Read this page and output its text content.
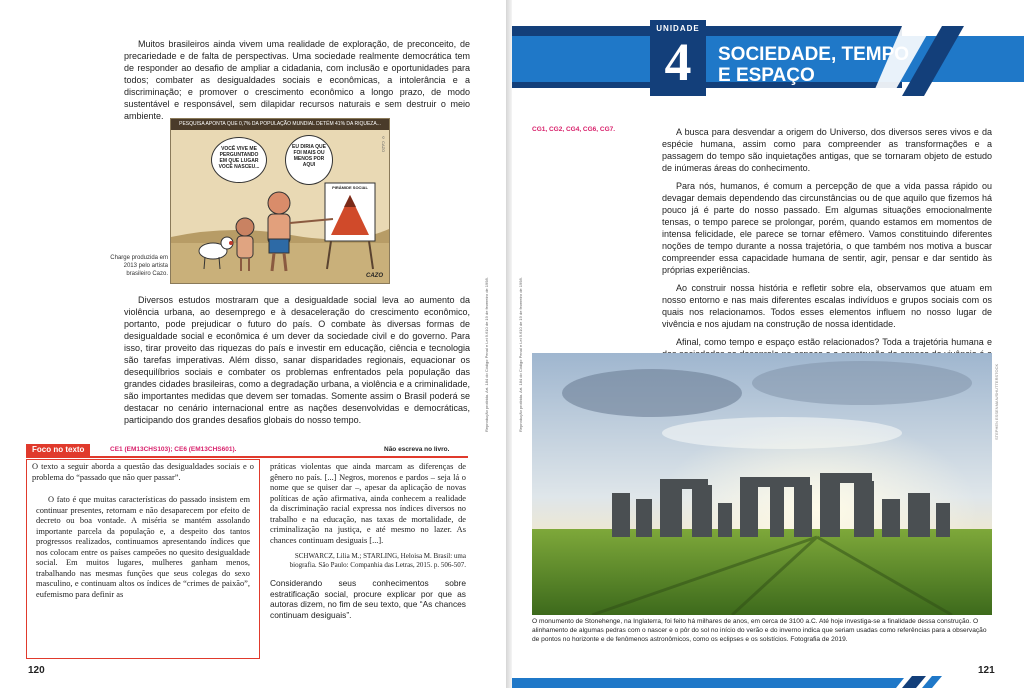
Muitos brasileiros ainda vivem uma realidade de exploração, de preconceito, de precariedade e de falta de perspectivas. Uma sociedade realmente democrática tem de responder ao desafio de ampliar a cidadania, com inclusão e oportunidades para todos; combater as desigualdades sociais e econômicas, a intolerância e a discriminação; e promover o crescimento econômico a longo prazo, de modo sustentável e responsável, sem dilapidar recursos naturais e sem destruir o meio ambiente.

Charge produzida em 2013 pelo artista brasileiro Cazo.
PESQUISA APONTA QUE 0,7% DA POPULAÇÃO MUNDIAL DETÉM 41% DA RIQUEZA...
VOCÊ VIVE ME PERGUNTANDO EM QUE LUGAR VOCÊ NASCEU...
EU DIRIA QUE FOI MAIS OU MENOS POR AQUI
PIRÂMIDE SOCIAL
CAZO
© CAZO

Diversos estudos mostraram que a desigualdade social leva ao aumento da violência urbana, ao desemprego e à desaceleração do crescimento econômico, portanto, pode prejudicar o futuro do país. O combate às diversas formas de desigualdade social e econômica é um dever da sociedade civil e do governo. Para isso, tirar proveito das riquezas do país e investir em educação, ciência e tecnologia são tarefas imperativas. Além disso, sanar disparidades regionais, equacionar os desequilíbrios sociais e combater os problemas enfrentados pela população das grandes cidades brasileiras, como a degradação urbana, a violência e a criminalidade, são importantes medidas que devem ser tomadas. Somente assim o Brasil poderá se destacar no cenário internacional entre as nações desenvolvidas e democráticas, participando dos grandes desafios globais do nosso tempo.

Foco no texto	CE1 (EM13CHS103); CE6 (EM13CHS601).	Não escreva no livro.

O texto a seguir aborda a questão das desigualdades sociais e o problema do “passado que não quer passar”.

O fato é que muitas características do passado insistem em continuar presentes, retornam e não desaparecem por efeito de decreto ou boa vontade. A miséria se mantém assolando importante parcela da população e, a despeito dos tantos progressos realizados, continuamos apresentando índices que nos colocam entre os países campeões no quesito desigualdade social. Em muitos lugares, mulheres ganham menos, trabalhando nas mesmas funções que seus colegas do sexo masculino, e continuam altos os índices de “crimes de paixão”, eufemismo para definir as

práticas violentas que ainda marcam as diferenças de gênero no país. [...] Negros, morenos e pardos – seja lá o nome que se quiser dar –, apesar da aplicação de novas políticas de ação afirmativa, ainda conhecem a realidade da discriminação racial expressa nos índices diversos no trabalho e na educação, nas taxas de mortalidade, de criminalização na justiça, e até mesmo no lazer. As chances continuam desiguais [...].

SCHWARCZ, Lilia M.; STARLING, Heloisa M. Brasil: uma biografia. São Paulo: Companhia das Letras, 2015. p. 506-507.

Considerando seus conhecimentos sobre estratificação social, procure explicar por que as autoras dizem, no fim de seu texto, que “As chances continuam desiguais”.

Reprodução proibida. Art. 184 do Código Penal e Lei 9.610 de 19 de fevereiro de 1998.
120
UNIDADE
4	SOCIEDADE, TEMPO
E ESPAÇO
CG1, CG2, CG4, CG6, CG7.	A busca para desvendar a origem do Universo, dos diversos seres vivos e da espécie humana, assim como para compreender as transformações e a passagem do tempo são inquietações antigas, que se tornaram objeto de estudo de inúmeras áreas do conhecimento.

Para nós, humanos, é comum a percepção de que a vida passa rápido ou devagar demais dependendo das circunstâncias ou de que aquilo que fizemos há pouco já é parte do nosso passado. Em algumas situações emocionalmente tensas, o tempo parece se prolongar, porém, quando estamos em momentos de intensa felicidade, ele parece se tornar efêmero. Vamos constituindo diferentes noções de tempo durante a nossa trajetória, o que também nos motiva a buscar compreender essa capacidade humana de sentir, agir, pensar e dar sentido às próprias experiências.

Ao construir nossa história e refletir sobre ela, observamos que atuam em nosso entorno e nas mais diferentes escalas indivíduos e grupos sociais com os quais nos relacionamos. Todos esses elementos influem no nosso lugar de vivência e nos ajudam na construção de nossa identidade.

Afinal, como tempo e espaço estão relacionados? Toda a trajetória humana e

Reprodução proibida. Art. 184 do Código Penal e Lei 9.610 de 19 de fevereiro de 1998.	STEPHEN ESSENMAN/SHUTTERSTOCK
O monumento de Stonehenge, na Inglaterra, foi feito há milhares de anos, em cerca de 3100 a.C. Até hoje investiga-se a finalidade dessa construção. O alinhamento de algumas pedras com o nascer e o pôr do sol no início do verão e do inverno indica que seriam usadas como referências para a observação de pontos no horizonte e de fenômenos astronômicos, como os eclipses e os solstícios. Fotografia de 2019.
121
